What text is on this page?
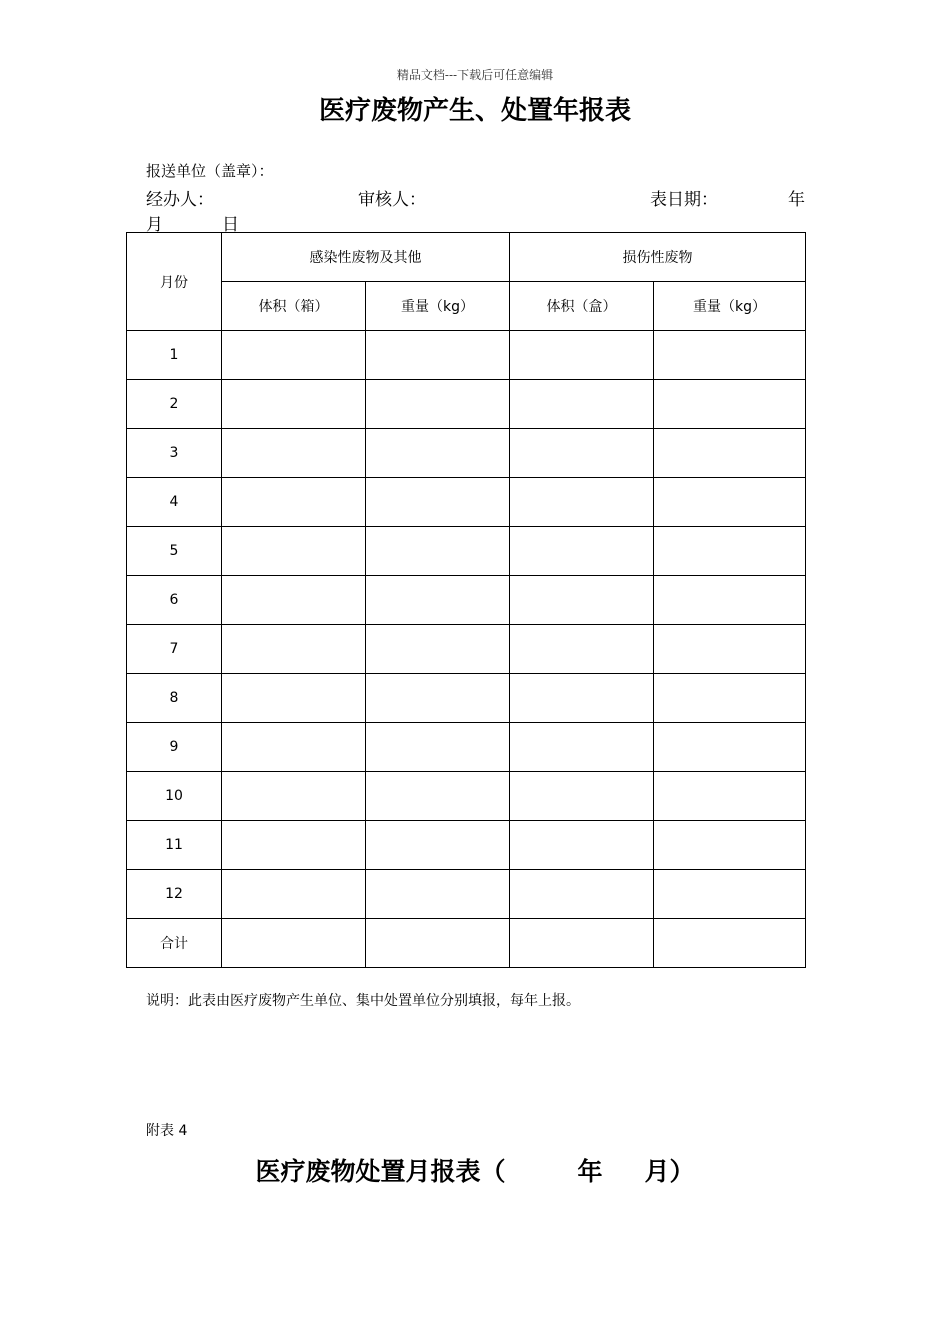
精品文档---下载后可任意编辑
医疗废物产生、处置年报表
报送单位（盖章）：
经办人：	审核人：	表日期：	年
月	日
月份	感染性废物及其他		损伤性废物	
	体积（箱）	重量（kg）	体积（盒）	重量（kg）
1				
2				
3				
4				
5				
6				
7				
8				
9				
10				
11				
12				
合计				
说明：此表由医疗废物产生单位、集中处置单位分别填报，每年上报。
附表 4
医疗废物处置月报表（	年 月）
